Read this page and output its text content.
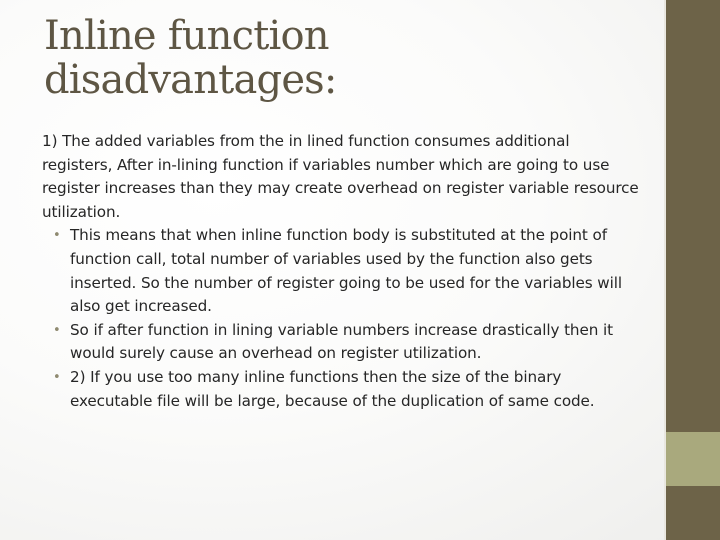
Inline function
disadvantages:

1) The added variables from the in lined function consumes additional registers, After in-lining function if variables number which are going to use register increases than they may create overhead on register variable resource utilization.

• This means that when inline function body is substituted at the point of function call, total number of variables used by the function also gets inserted. So the number of register going to be used for the variables will also get increased.
• So if after function in lining variable numbers increase drastically then it would surely cause an overhead on register utilization.
• 2) If you use too many inline functions then the size of the binary executable file will be large, because of the duplication of same code.
